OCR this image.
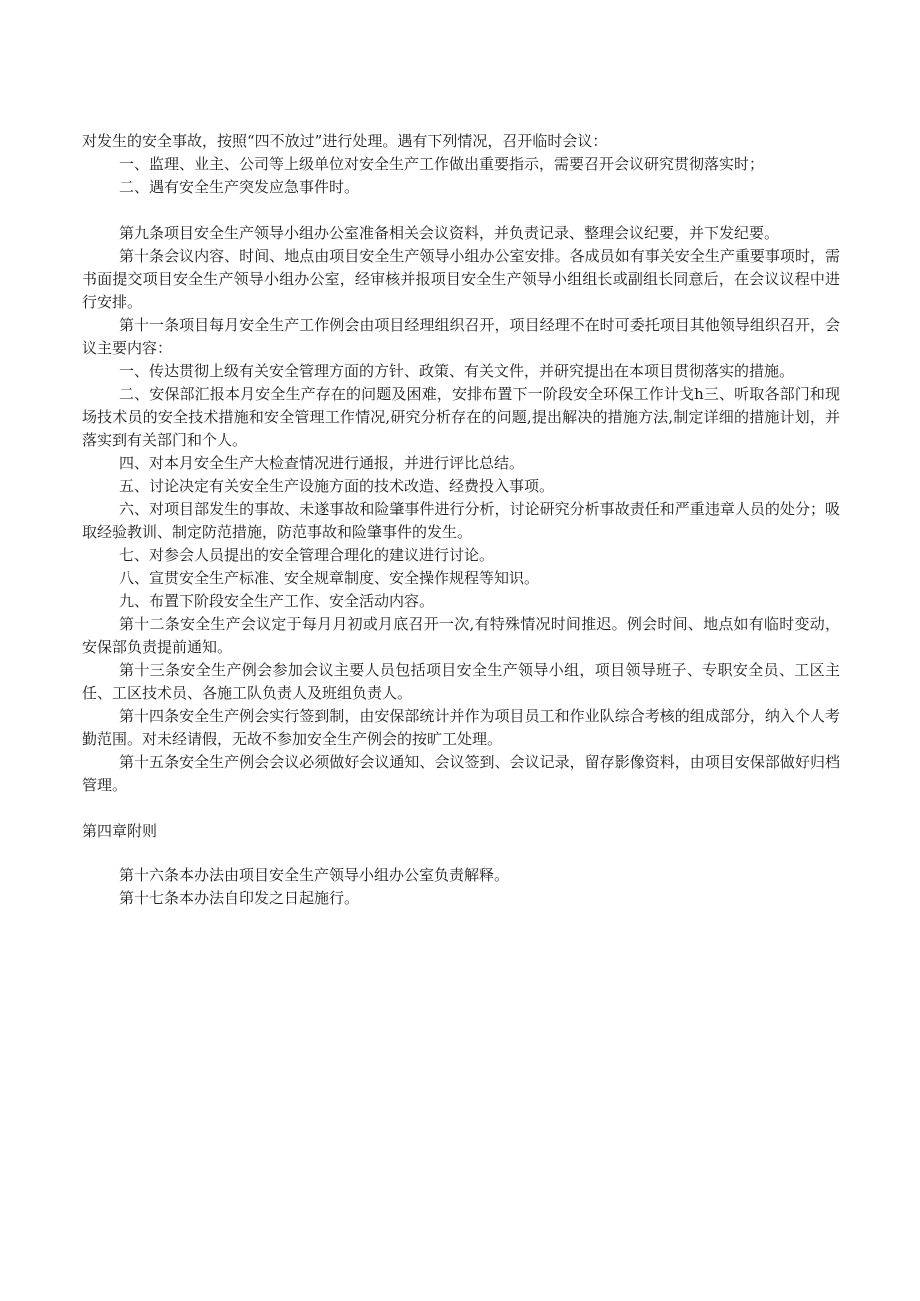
对发生的安全事故，按照“四不放过”进行处理。遇有下列情况，召开临时会议：

一、监理、业主、公司等上级单位对安全生产工作做出重要指示，需要召开会议研究贯彻落实时；

二、遇有安全生产突发应急事件时。

第九条项目安全生产领导小组办公室准备相关会议资料，并负责记录、整理会议纪要，并下发纪要。

第十条会议内容、时间、地点由项目安全生产领导小组办公室安排。各成员如有事关安全生产重要事项时，需书面提交项目安全生产领导小组办公室，经审核并报项目安全生产领导小组组长或副组长同意后，在会议议程中进行安排。

第十一条项目每月安全生产工作例会由项目经理组织召开，项目经理不在时可委托项目其他领导组织召开，会议主要内容：

一、传达贯彻上级有关安全管理方面的方针、政策、有关文件，并研究提出在本项目贯彻落实的措施。

二、安保部汇报本月安全生产存在的问题及困难，安排布置下一阶段安全环保工作计戈h三、听取各部门和现场技术员的安全技术措施和安全管理工作情况,研究分析存在的问题,提出解决的措施方法,制定详细的措施计划，并落实到有关部门和个人。

四、对本月安全生产大检查情况进行通报，并进行评比总结。

五、讨论决定有关安全生产设施方面的技术改造、经费投入事项。

六、对项目部发生的事故、未遂事故和险肇事件进行分析，讨论研究分析事故责任和严重违章人员的处分；吸取经验教训、制定防范措施，防范事故和险肇事件的发生。

七、对参会人员提出的安全管理合理化的建议进行讨论。

八、宣贯安全生产标准、安全规章制度、安全操作规程等知识。

九、布置下阶段安全生产工作、安全活动内容。

第十二条安全生产会议定于每月月初或月底召开一次,有特殊情况时间推迟。例会时间、地点如有临时变动，安保部负责提前通知。

第十三条安全生产例会参加会议主要人员包括项目安全生产领导小组，项目领导班子、专职安全员、工区主任、工区技术员、各施工队负责人及班组负责人。

第十四条安全生产例会实行签到制，由安保部统计并作为项目员工和作业队综合考核的组成部分，纳入个人考勤范围。对未经请假，无故不参加安全生产例会的按旷工处理。

第十五条安全生产例会会议必须做好会议通知、会议签到、会议记录，留存影像资料，由项目安保部做好归档管理。

第四章附则

第十六条本办法由项目安全生产领导小组办公室负责解释。

第十七条本办法自印发之日起施行。
